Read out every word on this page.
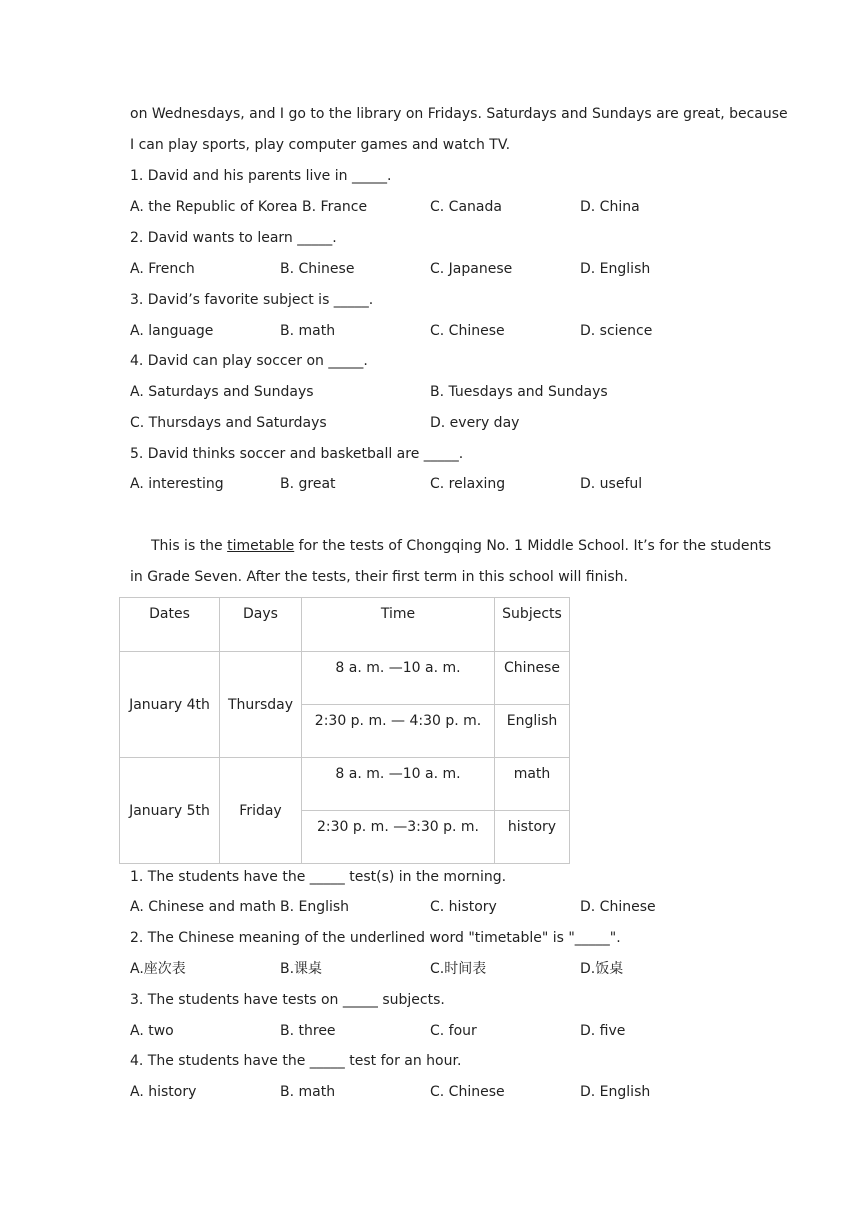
on Wednesdays, and I go to the library on Fridays. Saturdays and Sundays are great, because
I can play sports, play computer games and watch TV.
1. David and his parents live in _____.
A. the Republic of Korea B. France	C. Canada	D. China
2. David wants to learn _____.
A. French	B. Chinese	C. Japanese	D. English
3. David’s favorite subject is _____.
A. language	B. math	C. Chinese	D. science
4. David can play soccer on _____.
A. Saturdays and Sundays	B. Tuesdays and Sundays
C. Thursdays and Saturdays	D. every day
5. David thinks soccer and basketball are _____.
A. interesting	B. great	C. relaxing	D. useful
This is the timetable for the tests of Chongqing No. 1 Middle School. It’s for the students
in Grade Seven. After the tests, their first term in this school will finish.
Dates	Days	Time	Subjects
January 4th	Thursday	8 a. m. —10 a. m.	Chinese
		2:30 p. m. — 4:30 p. m.	English
January 5th	Friday	8 a. m. —10 a. m.	math
		2:30 p. m. —3:30 p. m.	history
1. The students have the _____ test(s) in the morning.
A. Chinese and math B. English	C. history	D. Chinese
2. The Chinese meaning of the underlined word "timetable" is "_____".
A.座次表	B.课桌	C.时间表	D.饭桌
3. The students have tests on _____ subjects.
A. two	B. three	C. four	D. five
4. The students have the _____ test for an hour.
A. history	B. math	C. Chinese	D. English
